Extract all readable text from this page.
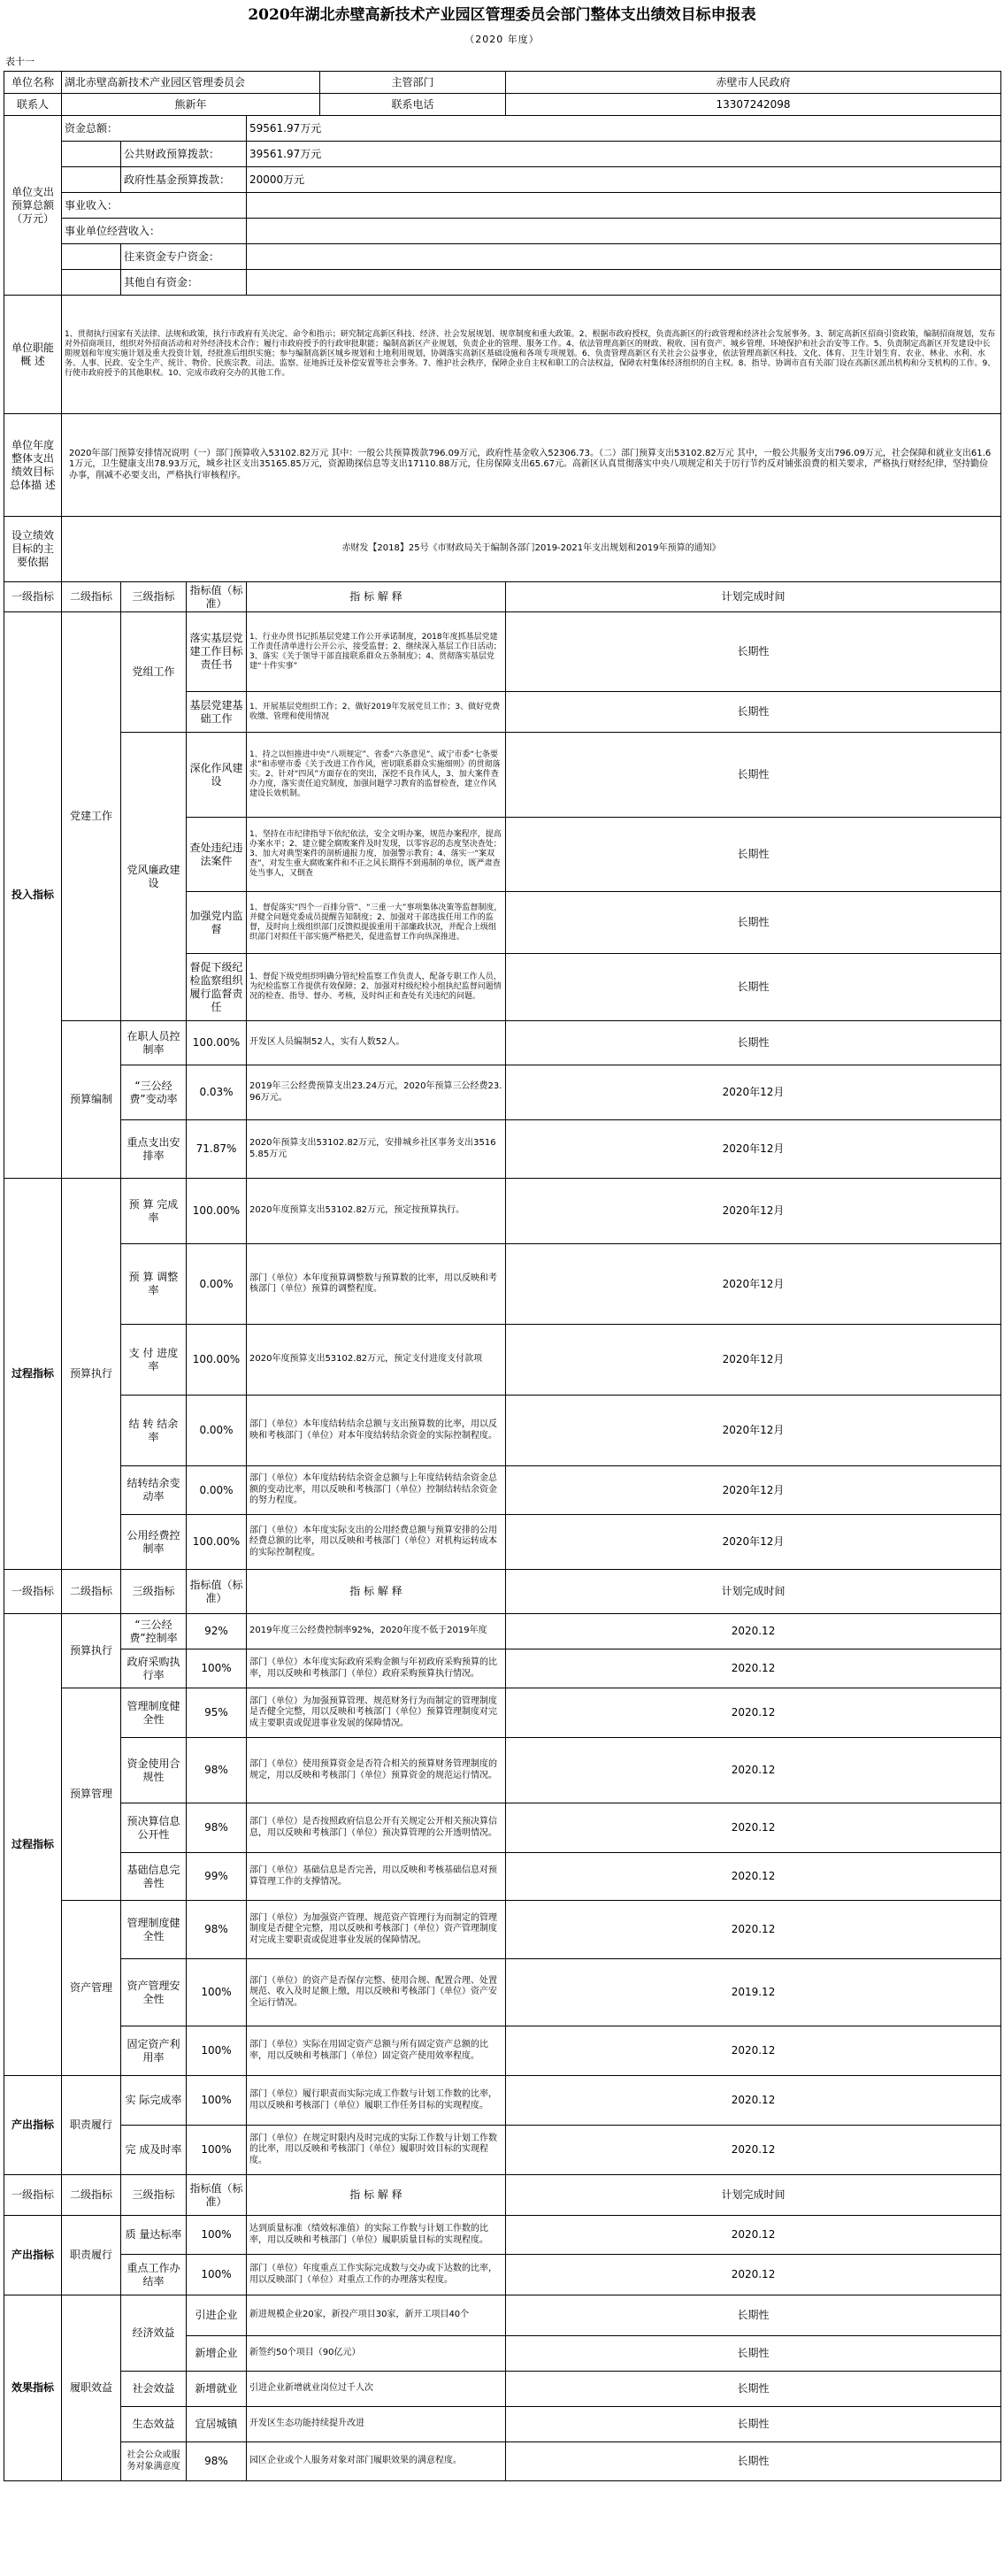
2020年湖北赤壁高新技术产业园区管理委员会部门整体支出绩效目标申报表
（2020 年度）
表十一
单位名称	湖北赤壁高新技术产业园区管理委员会				主管部门	赤壁市人民政府
联系人	熊新年				联系电话	13307242098
单位支出预算总额（万元）	资金总额：			59561.97万元		
		公共财政预算拨款：		39561.97万元		
		政府性基金预算拨款：		20000万元		
	事业收入：					
	事业单位经营收入：					
		往来资金专户资金：				
		其他自有资金：				
单位职能概 述	1、贯彻执行国家有关法律、法规和政策，执行市政府有关决定、命令和指示；研究制定高新区科技、经济、社会发展规划、规章制度和重大政策。2、根据市政府授权，负责高新区的行政管理和经济社会发展事务。3、制定高新区招商引资政策，编制招商规划，发布对外招商项目，组织对外招商活动和对外经济技术合作；履行市政府授予的行政审批职能；编制高新区产业规划，负责企业的管理、服务工作。4、依法管理高新区的财政、税收、国有资产、城乡管理、环境保护和社会治安等工作。5、负责制定高新区开发建设中长期规划和年度实施计划及重大投资计划，经批准后组织实施；参与编制高新区城乡规划和土地利用规划，协调落实高新区基础设施和各项专项规划。6、负责管理高新区有关社会公益事业，依法管理高新区科技、文化、体育、卫生计划生育、农业、林业、水利、水务、人事、民政、安全生产、统计、物价、民族宗教、司法、监察、征地拆迁及补偿安置等社会事务。7、维护社会秩序，保障企业自主权和职工的合法权益，保障农村集体经济组织的自主权。8、指导、协调市直有关部门设在高新区派出机构和分支机构的工作。9、行使市政府授予的其他职权。10、完成市政府交办的其他工作。					
单位年度整体支出绩效目标总体描 述	2020年部门预算安排情况说明（一）部门预算收入53102.82万元 其中：一般公共预算拨款796.09万元，政府性基金收入52306.73。（二）部门预算支出53102.82万元 其中，一般公共服务支出796.09万元，社会保障和就业支出61.61万元，卫生健康支出78.93万元，城乡社区支出35165.85万元，资源勘探信息等支出17110.88万元，住房保障支出65.67元。高新区认真贯彻落实中央八项规定和关于厉行节约反对铺张浪费的相关要求，严格执行财经纪律，坚持勤俭办事，削减不必要支出，严格执行审核程序。					
设立绩效目标的主要依据	赤财发【2018】25号《市财政局关于编制各部门2019-2021年支出规划和2019年预算的通知》					
一级指标	二级指标	三级指标	指标值（标准）	指 标 解 释		计划完成时间
投入指标	党建工作	党组工作	落实基层党建工作目标责任书	1、行业办贯书记抓基层党建工作公开承诺制度，2018年度抓基层党建工作责任清单进行公开公示，接受监督；2、继续深入基层工作日活动；3、落实《关于领导干部直接联系群众五条制度》；4、贯彻落实基层党建“十件实事”		长期性
			基层党建基础工作	1、开展基层党组织工作；2、做好2019年发展党员工作；3、做好党费收缴、管理和使用情况		长期性
		党风廉政建设	深化作风建设	1、持之以恒推进中央“八项规定”、省委“六条意见”、咸宁市委“七条要求”和赤壁市委《关于改进工作作风，密切联系群众实施细则》的贯彻落实。2、针对“四风”方面存在的突出，深挖不良作风人，3、加大案件查办力度，落实责任追究制度，加强问题学习教育的监督检查，建立作风建设长效机制。		长期性
			查处违纪违法案件	1、坚持在市纪律指导下依纪依法，安全文明办案，规范办案程序，提高办案水平；2、建立健全腐败案件及时发现，以零容忍的态度坚决查处；3、加大对典型案件的剖析通报力度，加强警示教育；4、落实一“案双查”，对发生重大腐败案件和不正之风长期得不到遏制的单位，既严肃查处当事人，又倒查		长期性
			加强党内监督	1、督促落实“四个一百排分管”、“三重一大”事项集体决策等监督制度，并健全问题党委成员提醒告知制度；2、加强对干部选拔任用工作的监督，及时向上级组织部门反馈拟提拔重用干部廉政状况，并配合上级组织部门对拟任干部实施严格把关，促进监督工作向纵深推进。		长期性
			督促下级纪检监察组织履行监督责任	1、督促下级党组织明确分管纪检监察工作负责人，配备专职工作人员，为纪检监察工作提供有效保障；2、加强对村级纪检小组执纪监督问题情况的检查、指导、督办、考核，及时纠正和查处有关违纪的问题。		长期性
	预算编制	在职人员控制率	100.00%	开发区人员编制52人，实有人数52人。		长期性
		“三公经费”变动率	0.03%	2019年三公经费预算支出23.24万元，2020年预算三公经费23.96万元。		2020年12月
		重点支出安排率	71.87%	2020年预算支出53102.82万元，安排城乡社区事务支出35165.85万元		2020年12月
过程指标	预算执行	预 算 完成率	100.00%	2020年度预算支出53102.82万元，预定按预算执行。		2020年12月
		预 算 调整率	0.00%	部门（单位）本年度预算调整数与预算数的比率，用以反映和考核部门（单位）预算的调整程度。		2020年12月
		支 付 进度率	100.00%	2020年度预算支出53102.82万元，预定支付进度支付款项		2020年12月
		结 转 结余率	0.00%	部门（单位）本年度结转结余总额与支出预算数的比率，用以反映和考核部门（单位）对本年度结转结余资金的实际控制程度。		2020年12月
		结转结余变动率	0.00%	部门（单位）本年度结转结余资金总额与上年度结转结余资金总额的变动比率，用以反映和考核部门（单位）控制结转结余资金的努力程度。		2020年12月
		公用经费控制率	100.00%	部门（单位）本年度实际支出的公用经费总额与预算安排的公用经费总额的比率，用以反映和考核部门（单位）对机构运转成本的实际控制程度。		2020年12月
一级指标	二级指标	三级指标	指标值（标准）	指 标 解 释		计划完成时间
过程指标	预算执行	“三公经费”控制率	92%	2019年度三公经费控制率92%，2020年度不低于2019年度		2020.12
		政府采购执行率	100%	部门（单位）本年度实际政府采购金额与年初政府采购预算的比率，用以反映和考核部门（单位）政府采购预算执行情况。		2020.12
	预算管理	管理制度健全性	95%	部门（单位）为加强预算管理、规范财务行为而制定的管理制度是否健全完整，用以反映和考核部门（单位）预算管理制度对完成主要职责或促进事业发展的保障情况。		2020.12
		资金使用合规性	98%	部门（单位）使用预算资金是否符合相关的预算财务管理制度的规定，用以反映和考核部门（单位）预算资金的规范运行情况。		2020.12
		预决算信息公开性	98%	部门（单位）是否按照政府信息公开有关规定公开相关预决算信息，用以反映和考核部门（单位）预决算管理的公开透明情况。		2020.12
		基础信息完善性	99%	部门（单位）基础信息是否完善，用以反映和考核基础信息对预算管理工作的支撑情况。		2020.12
	资产管理	管理制度健全性	98%	部门（单位）为加强资产管理、规范资产管理行为而制定的管理制度是否健全完整，用以反映和考核部门（单位）资产管理制度对完成主要职责或促进事业发展的保障情况。		2020.12
		资产管理安全性	100%	部门（单位）的资产是否保存完整、使用合规、配置合理、处置规范、收入及时足额上缴，用以反映和考核部门（单位）资产安全运行情况。		2019.12
		固定资产利用率	100%	部门（单位）实际在用固定资产总额与所有固定资产总额的比率，用以反映和考核部门（单位）固定资产使用效率程度。		2020.12
产出指标	职责履行	实 际完成率	100%	部门（单位）履行职责而实际完成工作数与计划工作数的比率，用以反映和考核部门（单位）履职工作任务目标的实现程度。		2020.12
		完 成及时率	100%	部门（单位）在规定时限内及时完成的实际工作数与计划工作数的比率，用以反映和考核部门（单位）履职时效目标的实现程度。		2020.12
一级指标	二级指标	三级指标	指标值（标准）	指 标 解 释		计划完成时间
产出指标	职责履行	质 量达标率	100%	达到质量标准（绩效标准值）的实际工作数与计划工作数的比率，用以反映和考核部门（单位）履职质量目标的实现程度。		2020.12
		重点工作办结率	100%	部门（单位）年度重点工作实际完成数与交办或下达数的比率，用以反映部门（单位）对重点工作的办理落实程度。		2020.12
效果指标	履职效益	经济效益	引进企业	新进规模企业20家，新投产项目30家，新开工项目40个		长期性
			新增企业	新签约50个项目（90亿元）		长期性
		社会效益	新增就业	引进企业新增就业岗位过千人次		长期性
		生态效益	宜居城镇	开发区生态功能持续提升改进		长期性
		社会公众或服务对象满意度	98%	园区企业或个人服务对象对部门履职效果的满意程度。		长期性
